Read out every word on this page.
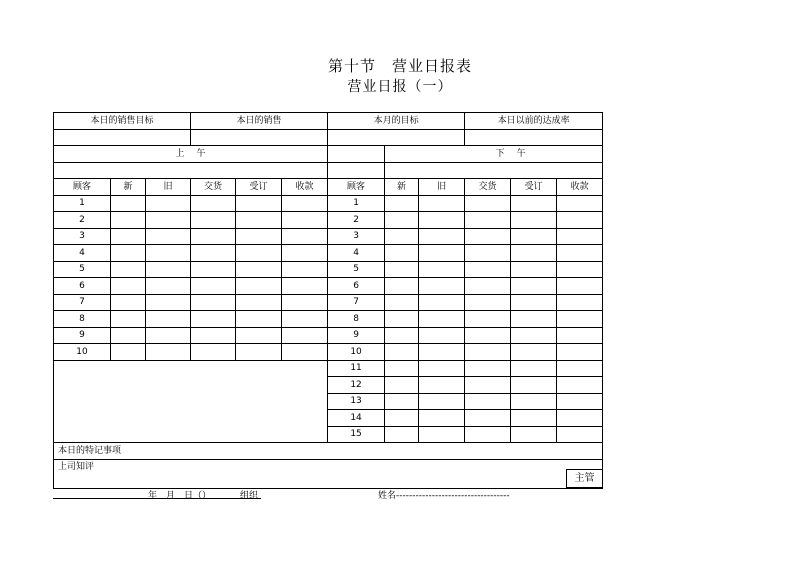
第十节　营业日报表
营业日报（一）
本日的销售目标			本日的销售			本月的目标			本日以前的达成率		

上			午				下			午	

顾客	新	旧	交货	受订	收款	顾客	新	旧	交货	受订	收款
1						1					
2						2					
3						3					
4						4					
5						5					
6						6					
7						7					
8						8					
9						9					
10						10					
						11					
						12					
						13					
						14					
						15					
本日的特记事项											
上司知评											
主管
年　月　日（）	组织	姓名-----------------------------------
